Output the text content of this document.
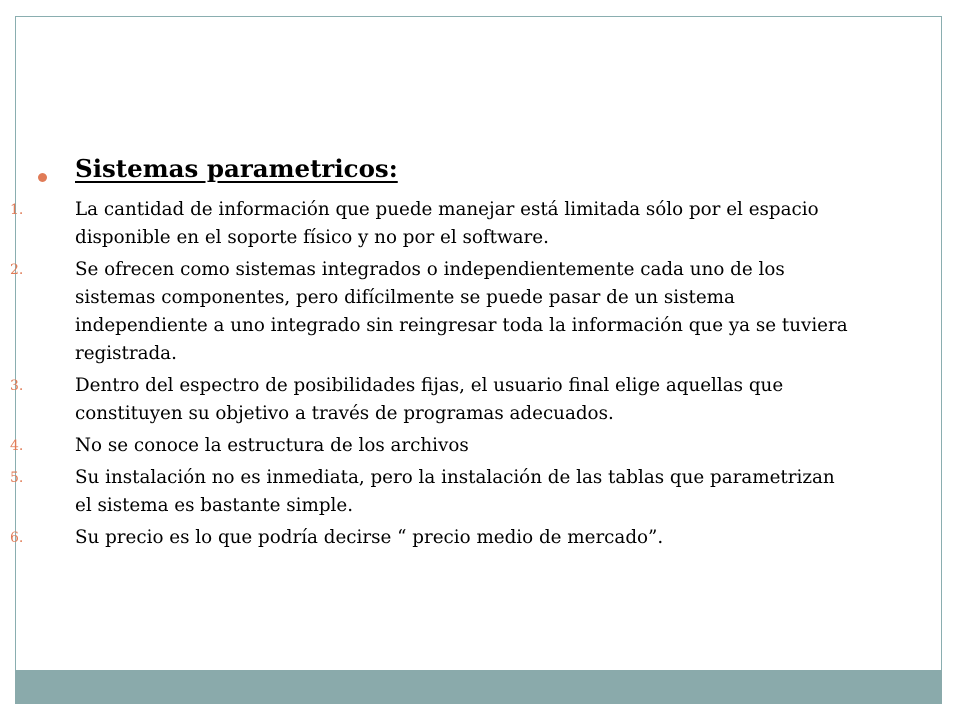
Sistemas parametricos:
1.	La cantidad de información que puede manejar está limitada sólo por el espacio disponible en el soporte físico y no por el software.
2.	Se ofrecen como sistemas integrados o independientemente cada uno de los sistemas componentes, pero difícilmente se puede pasar de un sistema independiente a uno integrado sin reingresar toda la información que ya se tuviera registrada.
3.	Dentro del espectro de posibilidades fijas, el usuario final elige aquellas que constituyen su objetivo a través de programas adecuados.
4.	No se conoce la estructura de los archivos
5.	Su instalación no es inmediata, pero la instalación de las tablas que parametrizan el sistema es bastante simple.
6.	Su precio es lo que podría decirse “ precio medio de mercado”.
